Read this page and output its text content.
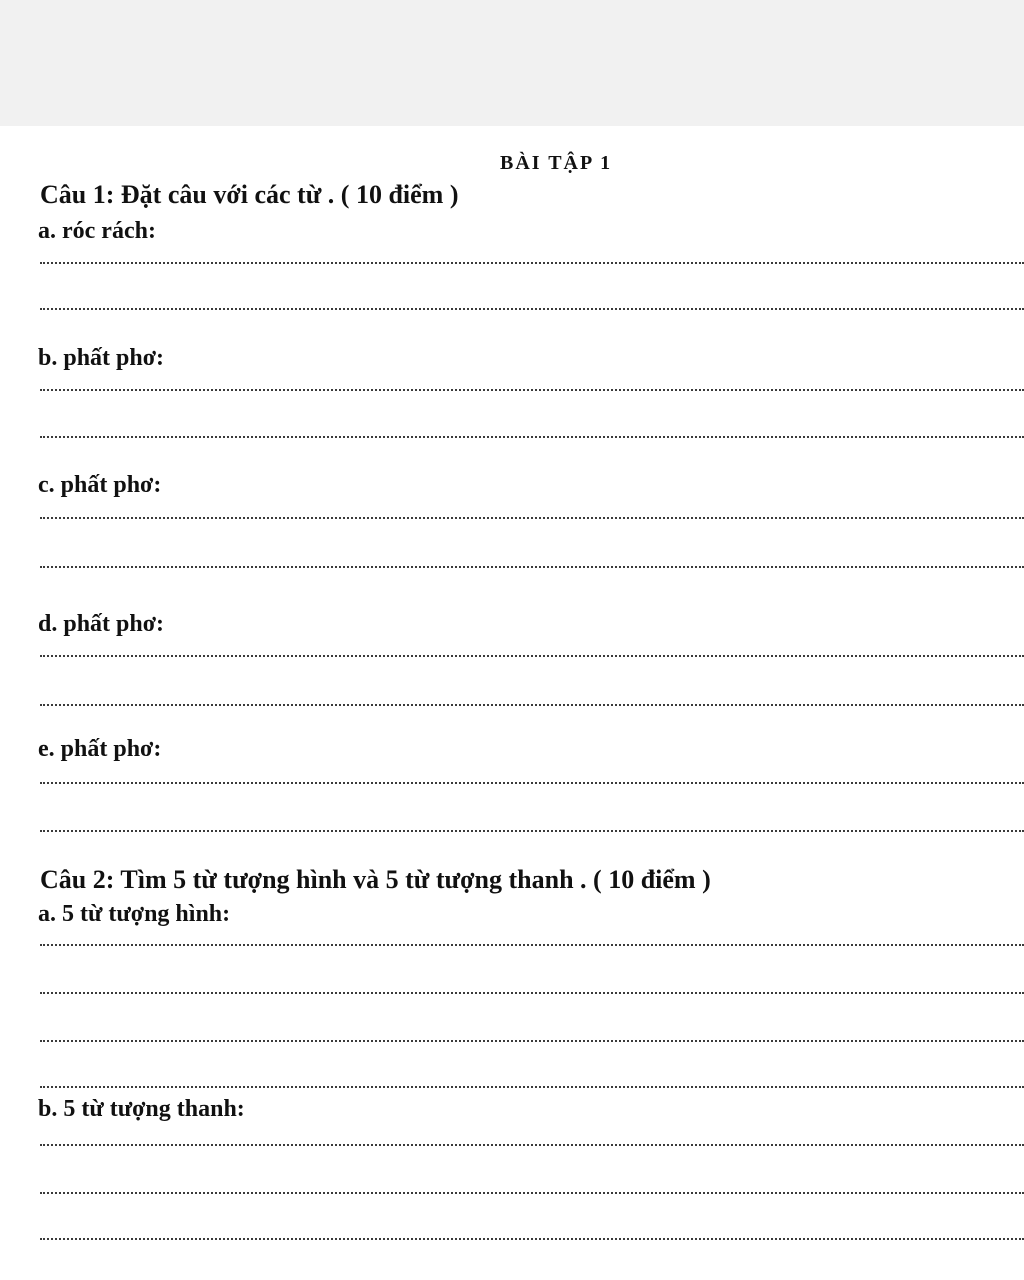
BÀI TẬP 1
Câu 1: Đặt câu với các từ . ( 10 điểm )
a. róc rách:
b. phất phơ:
c. phất phơ:
d. phất phơ:
e. phất phơ:
Câu 2: Tìm 5 từ tượng hình và 5 từ tượng thanh . ( 10 điểm )
a. 5 từ tượng hình:
b. 5 từ tượng thanh:
